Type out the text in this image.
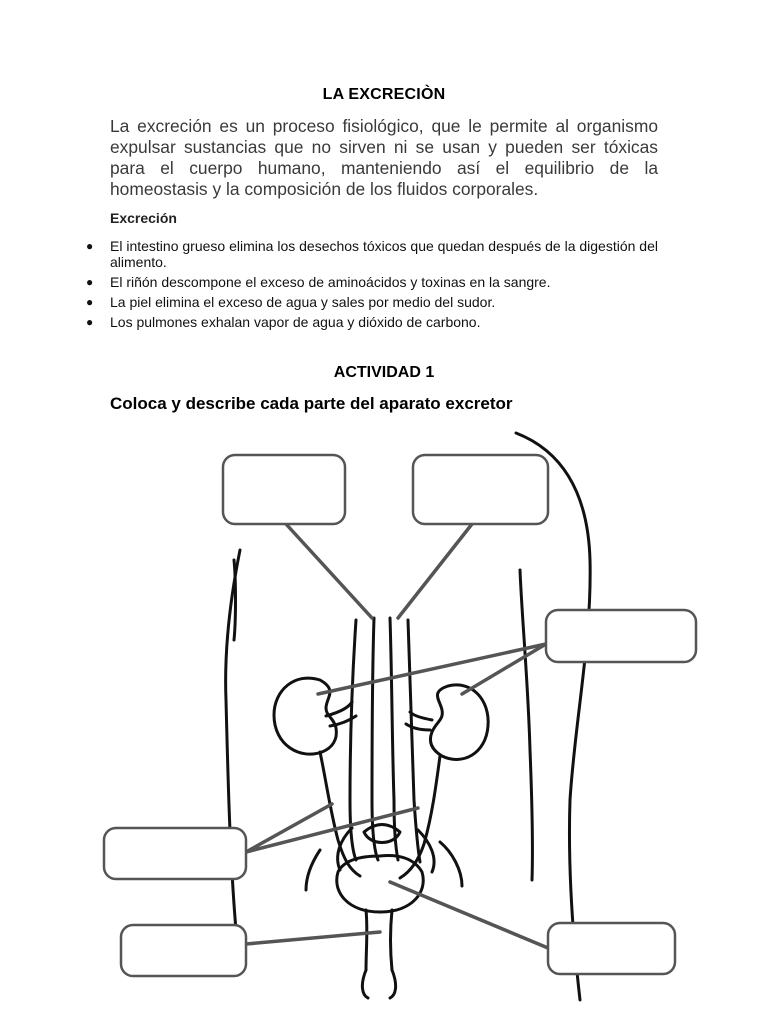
LA EXCRECIÒN
La excreción es un proceso fisiológico, que le permite al organismo expulsar sustancias que no sirven ni se usan y pueden ser tóxicas para el cuerpo humano, manteniendo así el equilibrio de la homeostasis y la composición de los fluidos corporales.
Excreción
● El intestino grueso elimina los desechos tóxicos que quedan después de la digestión del alimento.
● El riñón descompone el exceso de aminoácidos y toxinas en la sangre.
● La piel elimina el exceso de agua y sales por medio del sudor.
● Los pulmones exhalan vapor de agua y dióxido de carbono.
ACTIVIDAD 1
Coloca y describe cada parte del aparato excretor
